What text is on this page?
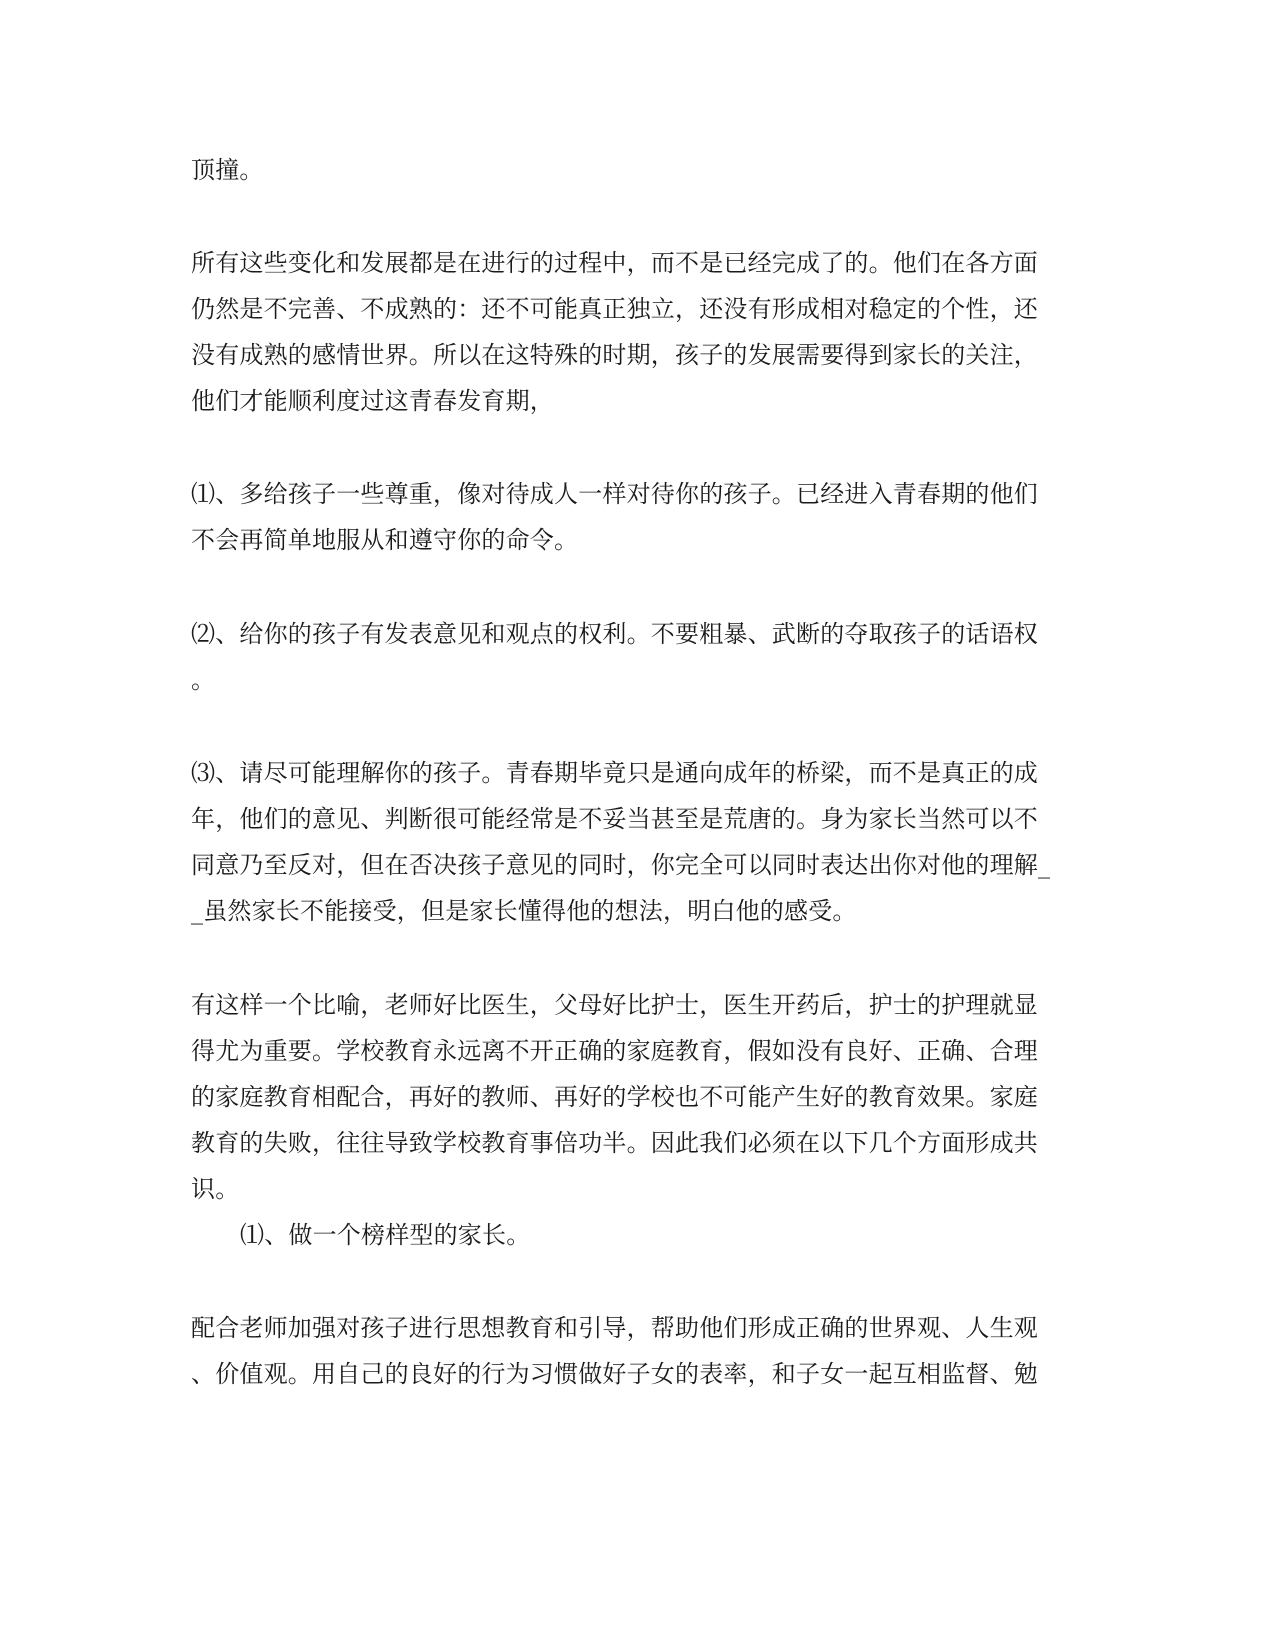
顶撞。
所有这些变化和发展都是在进行的过程中，而不是已经完成了的。他们在各方面
仍然是不完善、不成熟的：还不可能真正独立，还没有形成相对稳定的个性，还
没有成熟的感情世界。所以在这特殊的时期，孩子的发展需要得到家长的关注，
他们才能顺利度过这青春发育期，
⑴、多给孩子一些尊重，像对待成人一样对待你的孩子。已经进入青春期的他们
不会再简单地服从和遵守你的命令。
⑵、给你的孩子有发表意见和观点的权利。不要粗暴、武断的夺取孩子的话语权
。
⑶、请尽可能理解你的孩子。青春期毕竟只是通向成年的桥梁，而不是真正的成
年，他们的意见、判断很可能经常是不妥当甚至是荒唐的。身为家长当然可以不
同意乃至反对，但在否决孩子意见的同时，你完全可以同时表达出你对他的理解_
_虽然家长不能接受，但是家长懂得他的想法，明白他的感受。
有这样一个比喻，老师好比医生，父母好比护士，医生开药后，护士的护理就显
得尤为重要。学校教育永远离不开正确的家庭教育，假如没有良好、正确、合理
的家庭教育相配合，再好的教师、再好的学校也不可能产生好的教育效果。家庭
教育的失败，往往导致学校教育事倍功半。因此我们必须在以下几个方面形成共
识。
⑴、做一个榜样型的家长。
配合老师加强对孩子进行思想教育和引导，帮助他们形成正确的世界观、人生观
、价值观。用自己的良好的行为习惯做好子女的表率，和子女一起互相监督、勉
